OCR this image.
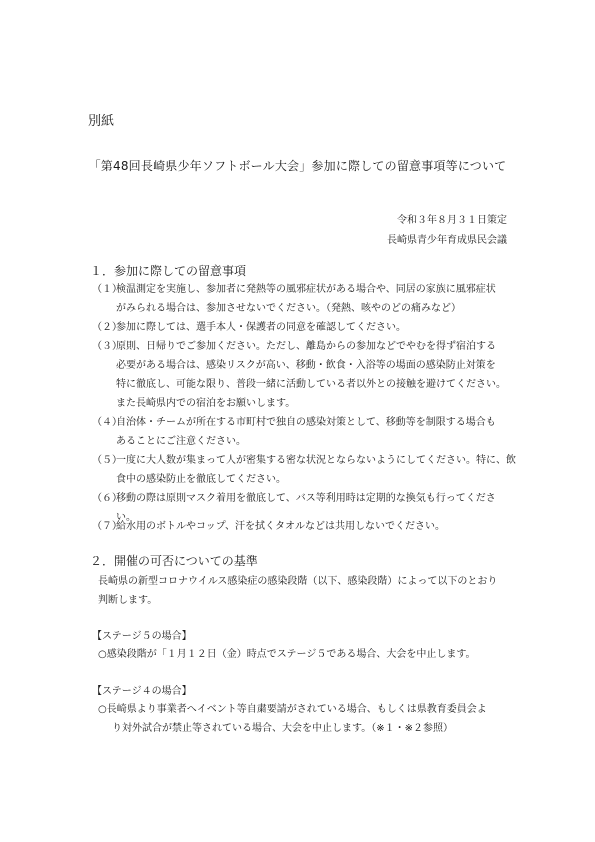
別紙
「第48回長崎県少年ソフトボール大会」参加に際しての留意事項等について
令和３年８月３１日策定
長崎県青少年育成県民会議
１．参加に際しての留意事項
（１）検温測定を実施し、参加者に発熱等の風邪症状がある場合や、同居の家族に風邪症状
がみられる場合は、参加させないでください。（発熱、咳やのどの痛みなど）
（２）参加に際しては、選手本人・保護者の同意を確認してください。
（３）原則、日帰りでご参加ください。ただし、離島からの参加などでやむを得ず宿泊する
必要がある場合は、感染リスクが高い、移動・飲食・入浴等の場面の感染防止対策を
特に徹底し、可能な限り、普段一緒に活動している者以外との接触を避けてください。
また長崎県内での宿泊をお願いします。
（４）自治体・チームが所在する市町村で独自の感染対策として、移動等を制限する場合も
あることにご注意ください。
（５）一度に大人数が集まって人が密集する密な状況とならないようにしてください。特に、飲
食中の感染防止を徹底してください。
（６）移動の際は原則マスク着用を徹底して、バス等利用時は定期的な換気も行ってくださ
い。
（７）給水用のボトルやコップ、汗を拭くタオルなどは共用しないでください。
２．開催の可否についての基準
長崎県の新型コロナウイルス感染症の感染段階（以下、感染段階）によって以下のとおり
判断します。
【ステージ５の場合】
○感染段階が「１月１２日（金）時点でステージ５である場合、大会を中止します。
【ステージ４の場合】
○長崎県より事業者へイベント等自粛要請がされている場合、もしくは県教育委員会よ
り対外試合が禁止等されている場合、大会を中止します。（※１・※２参照）
